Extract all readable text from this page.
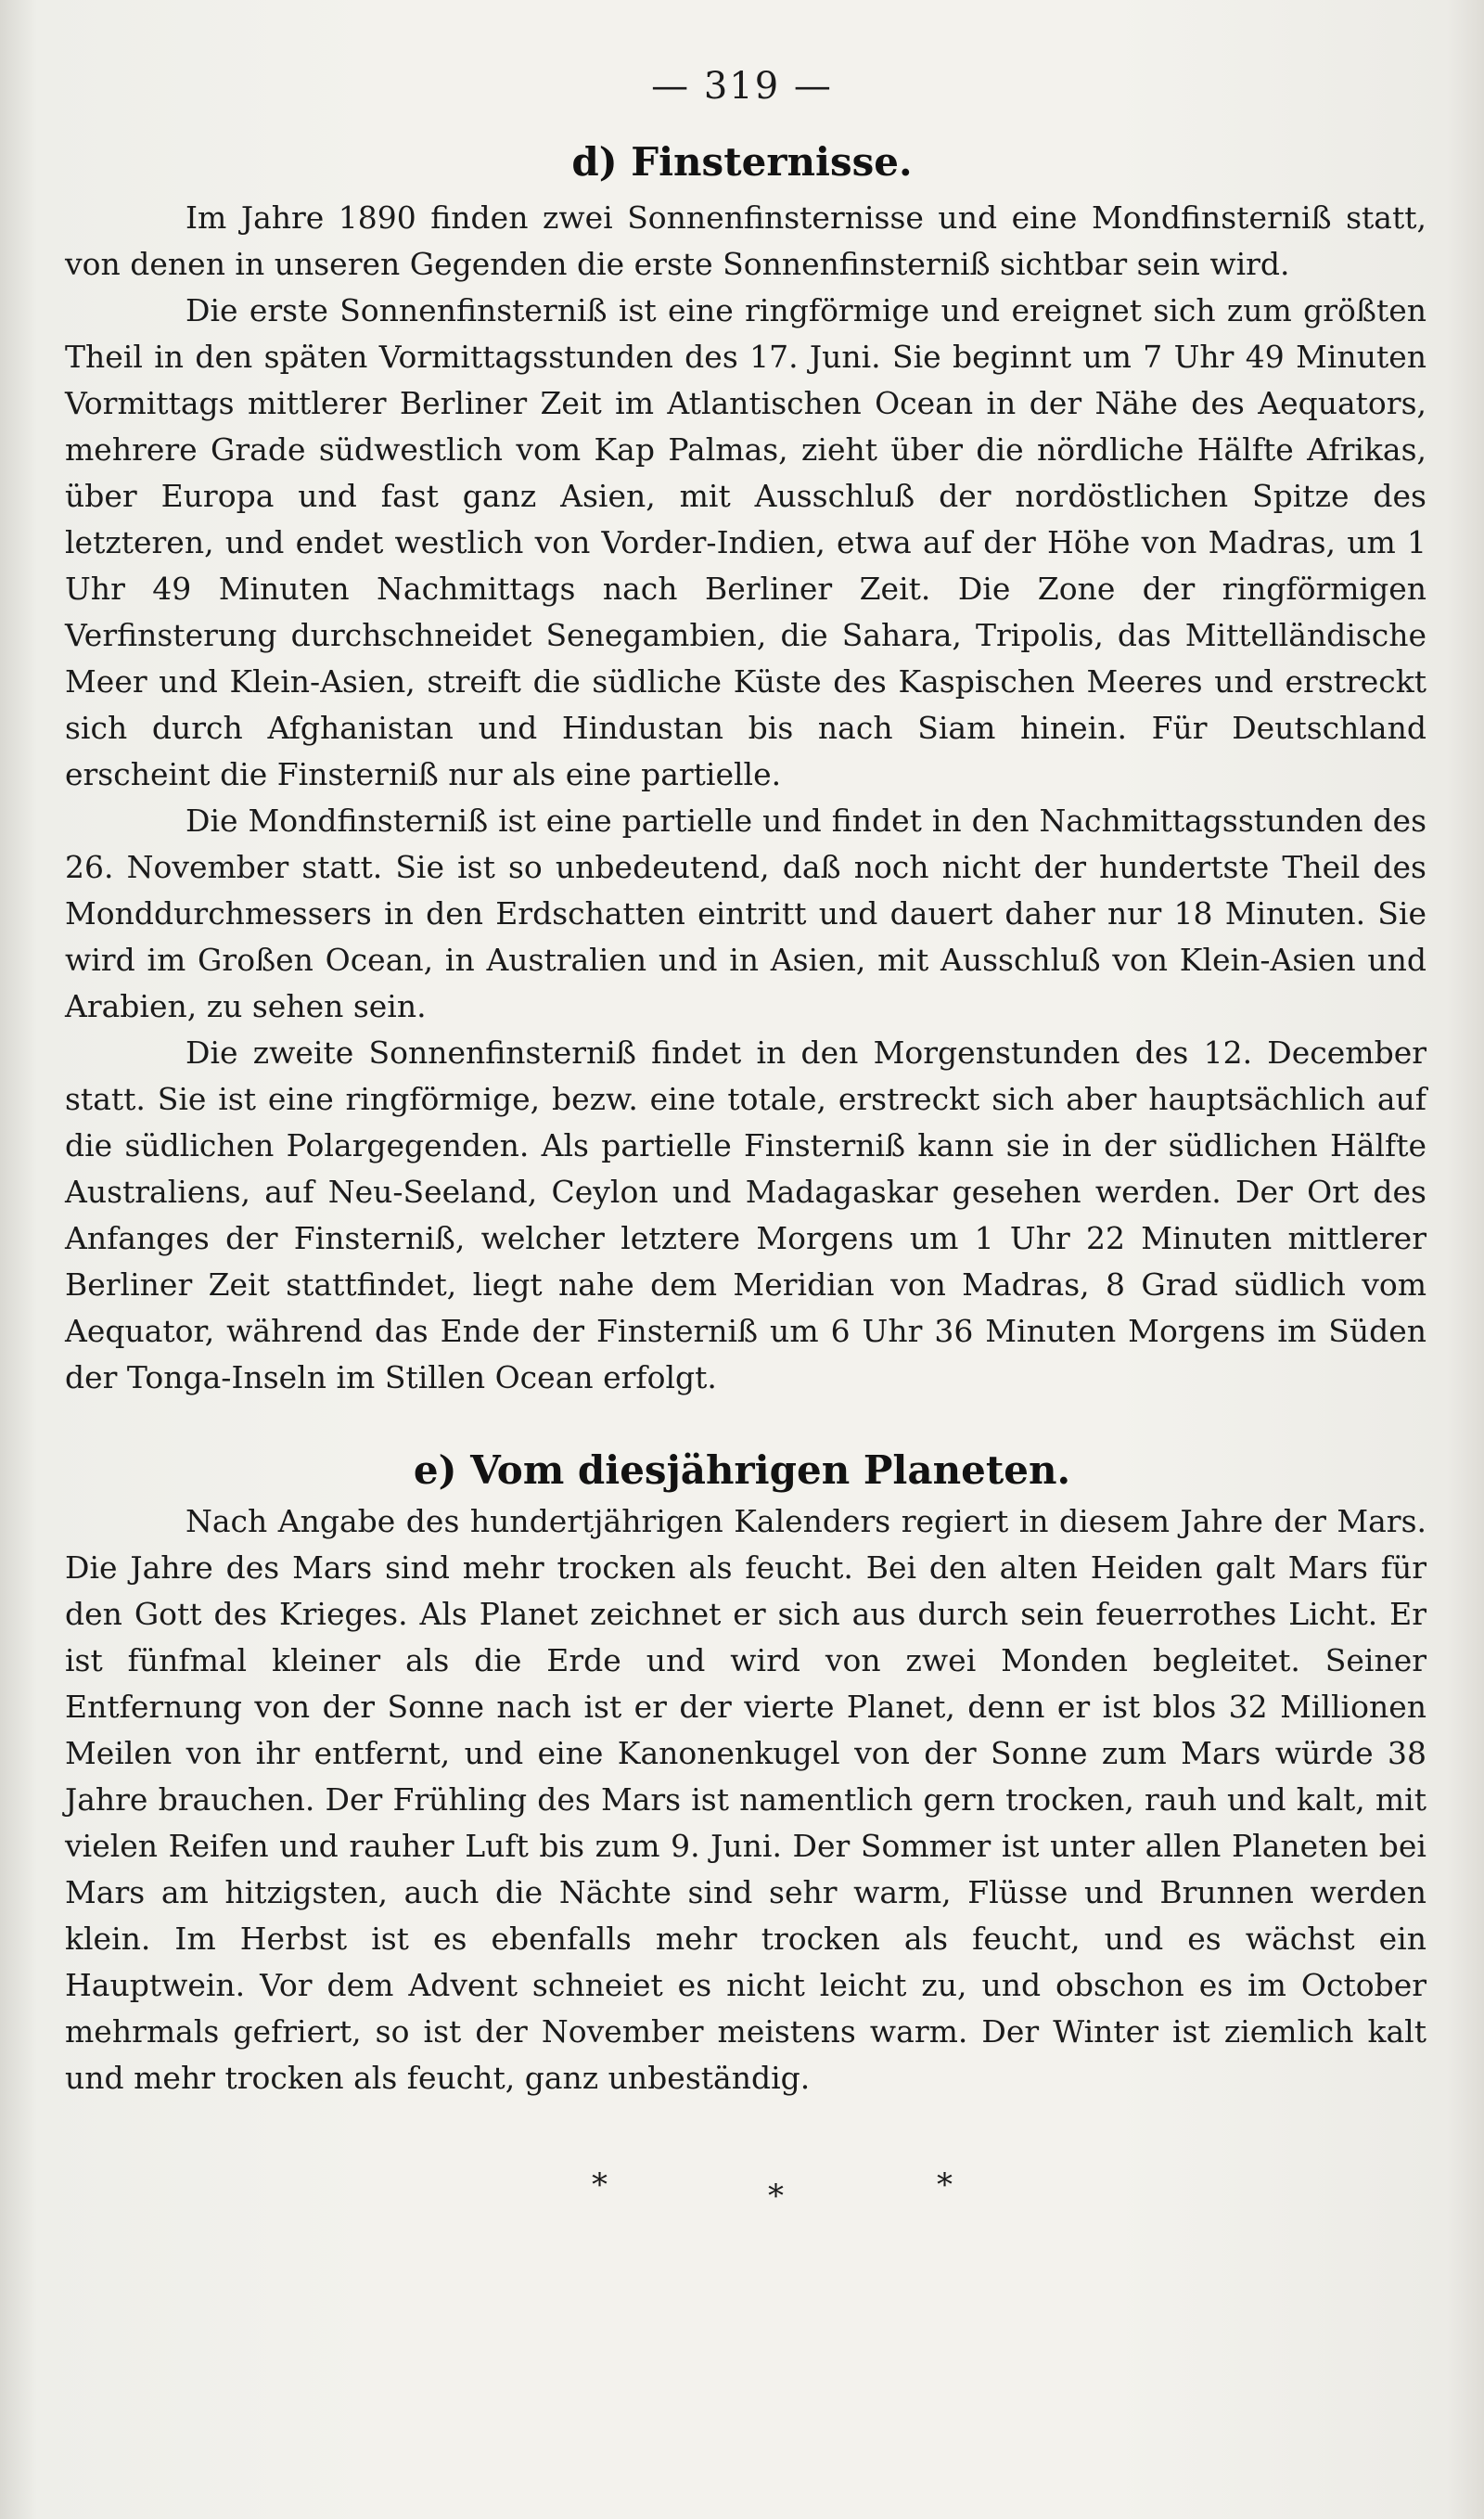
— 319 —
d) Finsternisse.

Im Jahre 1890 finden zwei Sonnenfinsternisse und eine Mondfinsterniß statt, von denen in unseren Gegenden die erste Sonnenfinsterniß sichtbar sein wird.

Die erste Sonnenfinsterniß ist eine ringförmige und ereignet sich zum größten Theil in den späten Vormittagsstunden des 17. Juni. Sie beginnt um 7 Uhr 49 Minuten Vormittags mittlerer Berliner Zeit im Atlantischen Ocean in der Nähe des Aequators, mehrere Grade südwestlich vom Kap Palmas, zieht über die nördliche Hälfte Afrikas, über Europa und fast ganz Asien, mit Ausschluß der nordöstlichen Spitze des letzteren, und endet westlich von Vorder-Indien, etwa auf der Höhe von Madras, um 1 Uhr 49 Minuten Nachmittags nach Berliner Zeit. Die Zone der ringförmigen Verfinsterung durchschneidet Senegambien, die Sahara, Tripolis, das Mittelländische Meer und Klein-Asien, streift die südliche Küste des Kaspischen Meeres und erstreckt sich durch Afghanistan und Hindustan bis nach Siam hinein. Für Deutschland erscheint die Finsterniß nur als eine partielle.

Die Mondfinsterniß ist eine partielle und findet in den Nachmittagsstunden des 26. November statt. Sie ist so unbedeutend, daß noch nicht der hundertste Theil des Monddurchmessers in den Erdschatten eintritt und dauert daher nur 18 Minuten. Sie wird im Großen Ocean, in Australien und in Asien, mit Ausschluß von Klein-Asien und Arabien, zu sehen sein.

Die zweite Sonnenfinsterniß findet in den Morgenstunden des 12. December statt. Sie ist eine ringförmige, bezw. eine totale, erstreckt sich aber hauptsächlich auf die südlichen Polargegenden. Als partielle Finsterniß kann sie in der südlichen Hälfte Australiens, auf Neu-Seeland, Ceylon und Madagaskar gesehen werden. Der Ort des Anfanges der Finsterniß, welcher letztere Morgens um 1 Uhr 22 Minuten mittlerer Berliner Zeit stattfindet, liegt nahe dem Meridian von Madras, 8 Grad südlich vom Aequator, während das Ende der Finsterniß um 6 Uhr 36 Minuten Morgens im Süden der Tonga-Inseln im Stillen Ocean erfolgt.

e) Vom diesjährigen Planeten.

Nach Angabe des hundertjährigen Kalenders regiert in diesem Jahre der Mars. Die Jahre des Mars sind mehr trocken als feucht. Bei den alten Heiden galt Mars für den Gott des Krieges. Als Planet zeichnet er sich aus durch sein feuerrothes Licht. Er ist fünfmal kleiner als die Erde und wird von zwei Monden begleitet. Seiner Entfernung von der Sonne nach ist er der vierte Planet, denn er ist blos 32 Millionen Meilen von ihr entfernt, und eine Kanonenkugel von der Sonne zum Mars würde 38 Jahre brauchen. Der Frühling des Mars ist namentlich gern trocken, rauh und kalt, mit vielen Reifen und rauher Luft bis zum 9. Juni. Der Sommer ist unter allen Planeten bei Mars am hitzigsten, auch die Nächte sind sehr warm, Flüsse und Brunnen werden klein. Im Herbst ist es ebenfalls mehr trocken als feucht, und es wächst ein Hauptwein. Vor dem Advent schneiet es nicht leicht zu, und obschon es im October mehrmals gefriert, so ist der November meistens warm. Der Winter ist ziemlich kalt und mehr trocken als feucht, ganz unbeständig.

*	*	*
